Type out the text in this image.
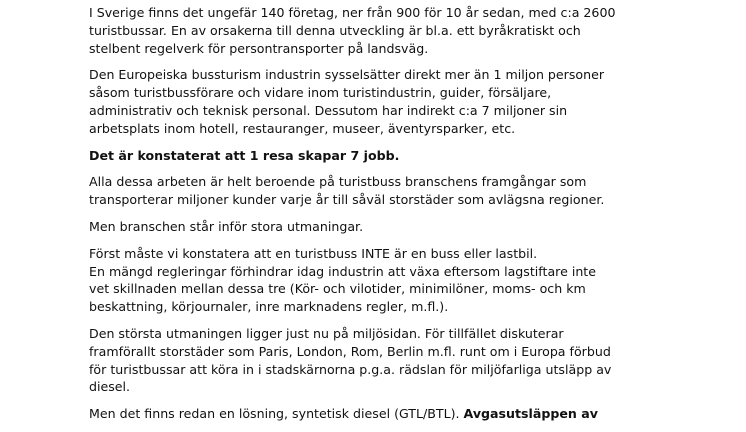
I Sverige finns det ungefär 140 företag, ner från 900 för 10 år sedan, med c:a 2600
turistbussar. En av orsakerna till denna utveckling är bl.a. ett byråkratiskt och
stelbent regelverk för persontransporter på landsväg.

Den Europeiska bussturism industrin sysselsätter direkt mer än 1 miljon personer
såsom turistbussförare och vidare inom turistindustrin, guider, försäljare,
administrativ och teknisk personal. Dessutom har indirekt c:a 7 miljoner sin
arbetsplats inom hotell, restauranger, museer, äventyrsparker, etc.

Det är konstaterat att 1 resa skapar 7 jobb.

Alla dessa arbeten är helt beroende på turistbuss branschens framgångar som
transporterar miljoner kunder varje år till såväl storstäder som avlägsna regioner.

Men branschen står inför stora utmaningar.

Först måste vi konstatera att en turistbuss INTE är en buss eller lastbil.
En mängd regleringar förhindrar idag industrin att växa eftersom lagstiftare inte
vet skillnaden mellan dessa tre (Kör- och vilotider, minimilöner, moms- och km
beskattning, körjournaler, inre marknadens regler, m.fl.).

Den största utmaningen ligger just nu på miljösidan. För tillfället diskuterar
framförallt storstäder som Paris, London, Rom, Berlin m.fl. runt om i Europa förbud
för turistbussar att köra in i stadskärnorna p.g.a. rädslan för miljöfarliga utsläpp av
diesel.

Men det finns redan en lösning, syntetisk diesel (GTL/BTL). Avgasutsläppen av
